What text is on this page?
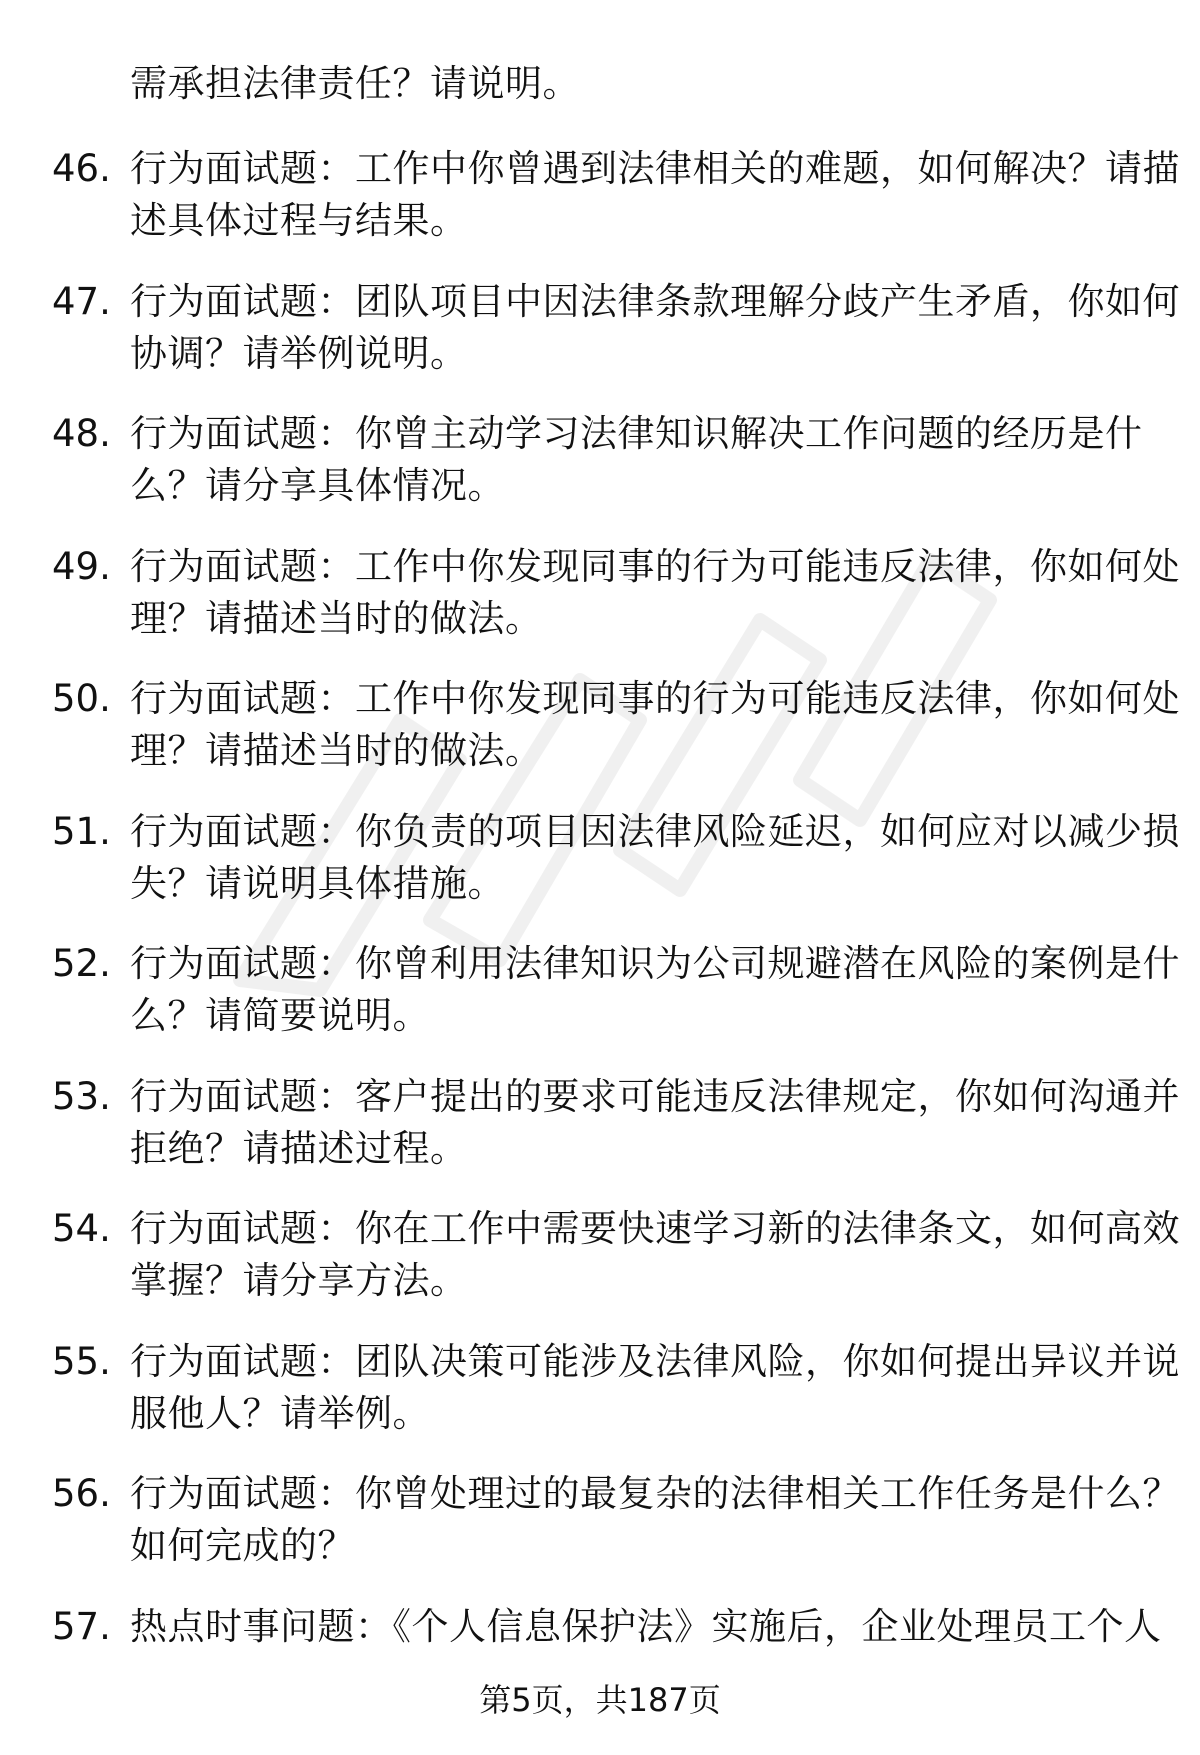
需承担法律责任？请说明。
46. 行为面试题：工作中你曾遇到法律相关的难题，如何解决？请描
述具体过程与结果。
47. 行为面试题：团队项目中因法律条款理解分歧产生矛盾，你如何
协调？请举例说明。
48. 行为面试题：你曾主动学习法律知识解决工作问题的经历是什
么？请分享具体情况。
49. 行为面试题：工作中你发现同事的行为可能违反法律，你如何处
理？请描述当时的做法。
50. 行为面试题：工作中你发现同事的行为可能违反法律，你如何处
理？请描述当时的做法。
51. 行为面试题：你负责的项目因法律风险延迟，如何应对以减少损
失？请说明具体措施。
52. 行为面试题：你曾利用法律知识为公司规避潜在风险的案例是什
么？请简要说明。
53. 行为面试题：客户提出的要求可能违反法律规定，你如何沟通并
拒绝？请描述过程。
54. 行为面试题：你在工作中需要快速学习新的法律条文，如何高效
掌握？请分享方法。
55. 行为面试题：团队决策可能涉及法律风险，你如何提出异议并说
服他人？请举例。
56. 行为面试题：你曾处理过的最复杂的法律相关工作任务是什么？
如何完成的？
57. 热点时事问题：《个人信息保护法》实施后，企业处理员工个人
第5页，共187页
